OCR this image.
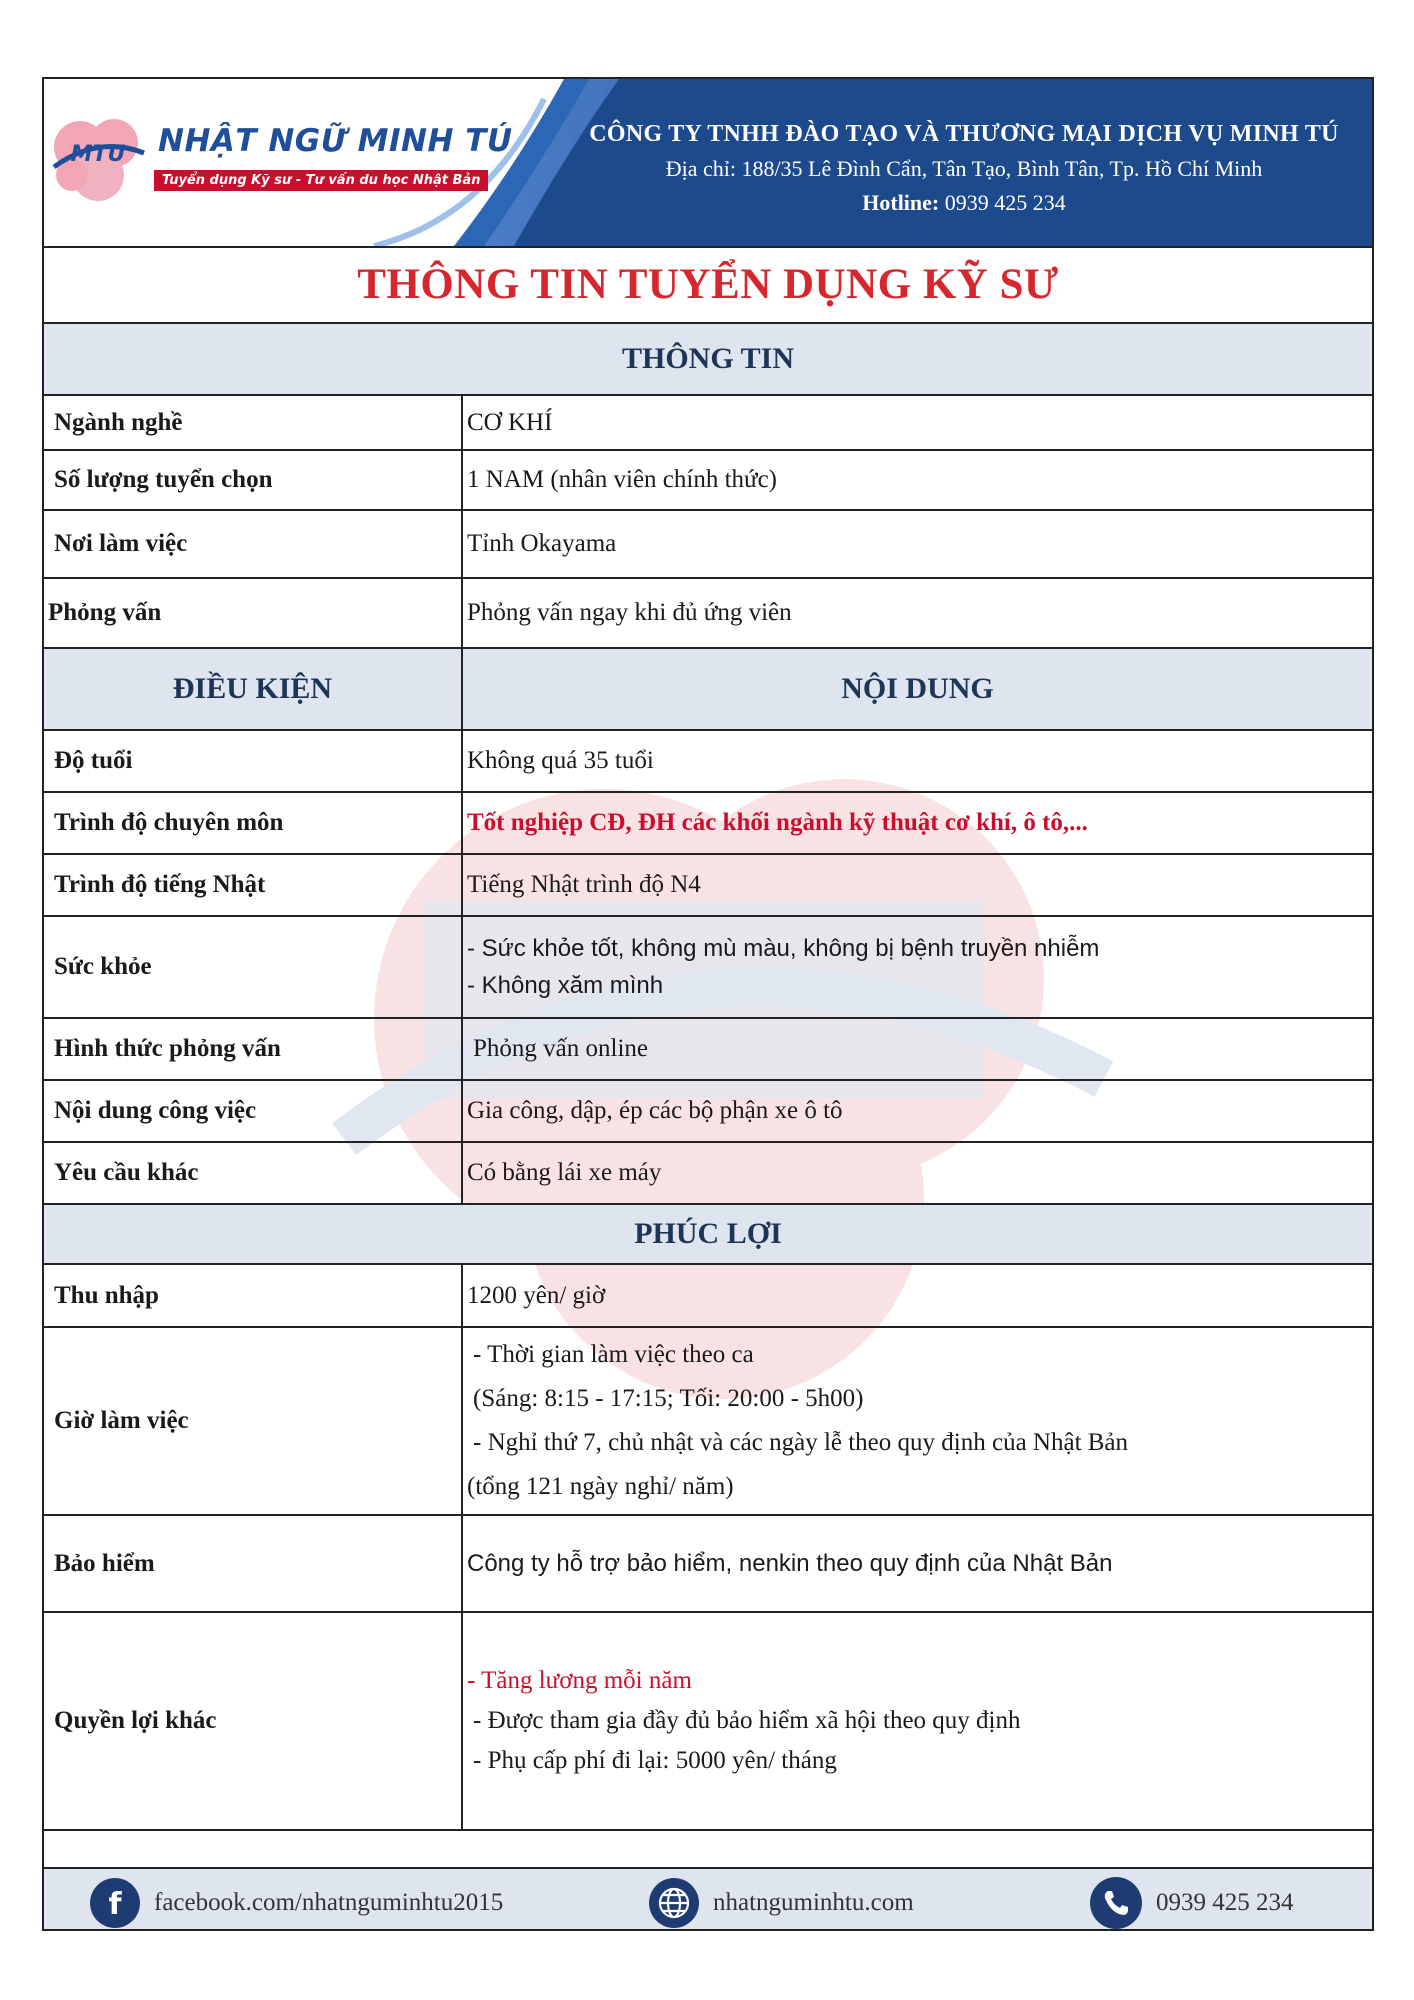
MTU NHẬT NGỮ MINH TÚ
Tuyển dụng Kỹ sư - Tư vấn du học Nhật Bản
CÔNG TY TNHH ĐÀO TẠO VÀ THƯƠNG MẠI DỊCH VỤ MINH TÚ
Địa chỉ: 188/35 Lê Đình Cẩn, Tân Tạo, Bình Tân, Tp. Hồ Chí Minh
Hotline: 0939 425 234
THÔNG TIN TUYỂN DỤNG KỸ SƯ
THÔNG TIN	
Ngành nghề	CƠ KHÍ
Số lượng tuyển chọn	1 NAM (nhân viên chính thức)
Nơi làm việc	Tỉnh Okayama
Phỏng vấn	Phỏng vấn ngay khi đủ ứng viên
ĐIỀU KIỆN	NỘI DUNG
Độ tuổi	Không quá 35 tuổi
Trình độ chuyên môn	Tốt nghiệp CĐ, ĐH các khối ngành kỹ thuật cơ khí, ô tô,...
Trình độ tiếng Nhật	Tiếng Nhật trình độ N4
Sức khỏe	- Sức khỏe tốt, không mù màu, không bị bệnh truyền nhiễm
- Không xăm mình

Hình thức phỏng vấn	Phỏng vấn online
Nội dung công việc	Gia công, dập, ép các bộ phận xe ô tô
Yêu cầu khác	Có bằng lái xe máy
PHÚC LỢI	
Thu nhập	1200 yên/ giờ
Giờ làm việc	- Thời gian làm việc theo ca
(Sáng: 8:15 - 17:15; Tối: 20:00 - 5h00)
- Nghỉ thứ 7, chủ nhật và các ngày lễ theo quy định của Nhật Bản
(tổng 121 ngày nghỉ/ năm)

Bảo hiểm	Công ty hỗ trợ bảo hiểm, nenkin theo quy định của Nhật Bản
Quyền lợi khác	- Tăng lương mỗi năm
- Được tham gia đầy đủ bảo hiểm xã hội theo quy định
- Phụ cấp phí đi lại: 5000 yên/ tháng
f facebook.com/nhatnguminhtu2015	nhatnguminhtu.com	0939 425 234
